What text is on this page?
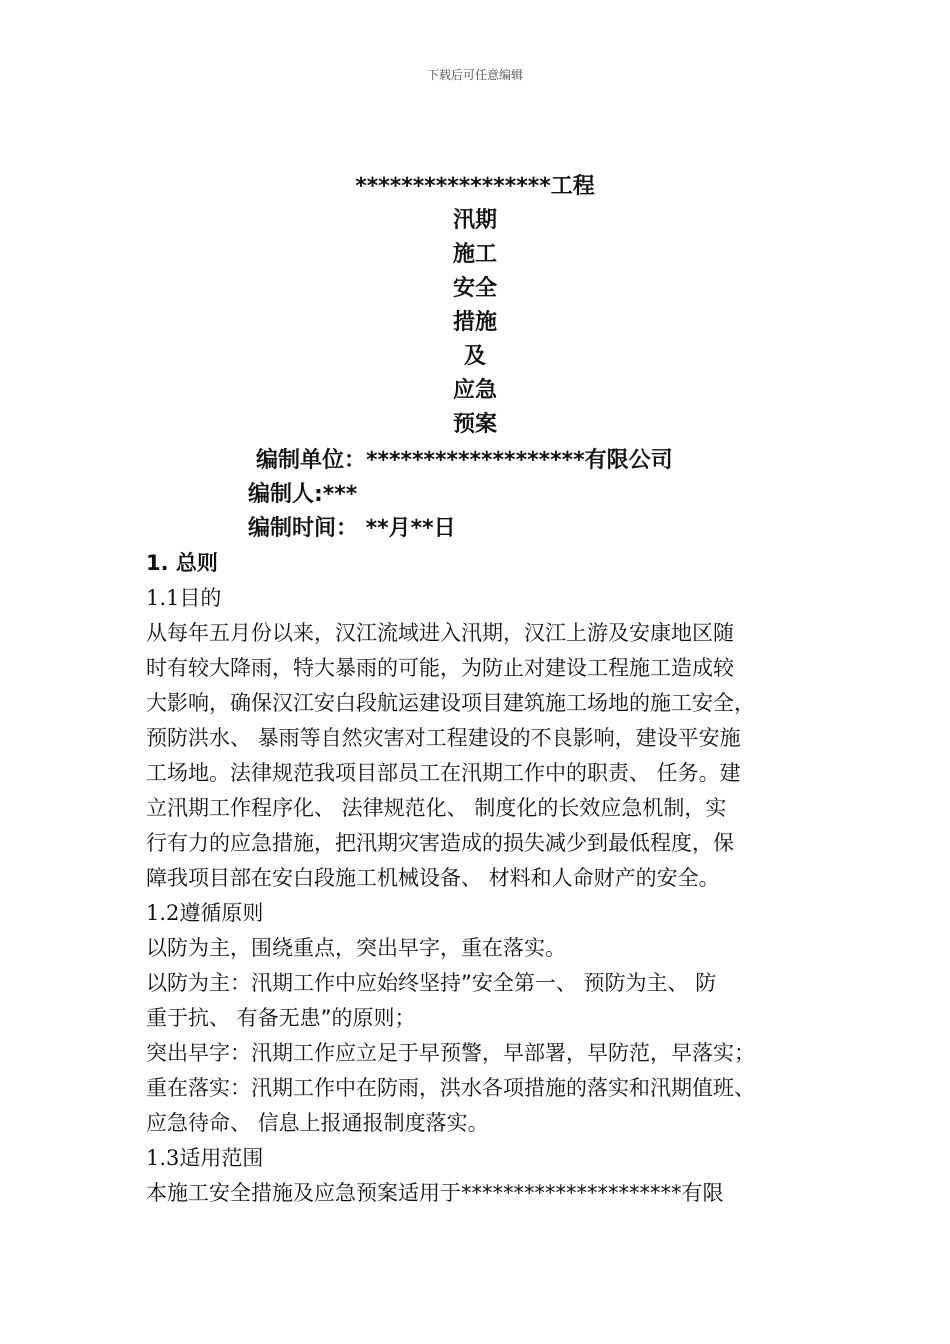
下载后可任意编辑
*****************工程
汛期
施工
安全
措施
及
应急
预案
编制单位：*******************有限公司
编制人:***
编制时间： **月**日
1. 总则
1.1目的
从每年五月份以来，汉江流域进入汛期，汉江上游及安康地区随
时有较大降雨，特大暴雨的可能，为防止对建设工程施工造成较
大影响，确保汉江安白段航运建设项目建筑施工场地的施工安全，
预防洪水、 暴雨等自然灾害对工程建设的不良影响，建设平安施
工场地。法律规范我项目部员工在汛期工作中的职责、 任务。建
立汛期工作程序化、 法律规范化、 制度化的长效应急机制，实
行有力的应急措施，把汛期灾害造成的损失减少到最低程度，保
障我项目部在安白段施工机械设备、 材料和人命财产的安全。
1.2遵循原则
以防为主，围绕重点，突出早字，重在落实。
以防为主：汛期工作中应始终坚持”安全第一、 预防为主、 防
重于抗、 有备无患”的原则；
突出早字：汛期工作应立足于早预警，早部署，早防范，早落实；
重在落实：汛期工作中在防雨，洪水各项措施的落实和汛期值班、
应急待命、 信息上报通报制度落实。
1.3适用范围
本施工安全措施及应急预案适用于*********************有限
